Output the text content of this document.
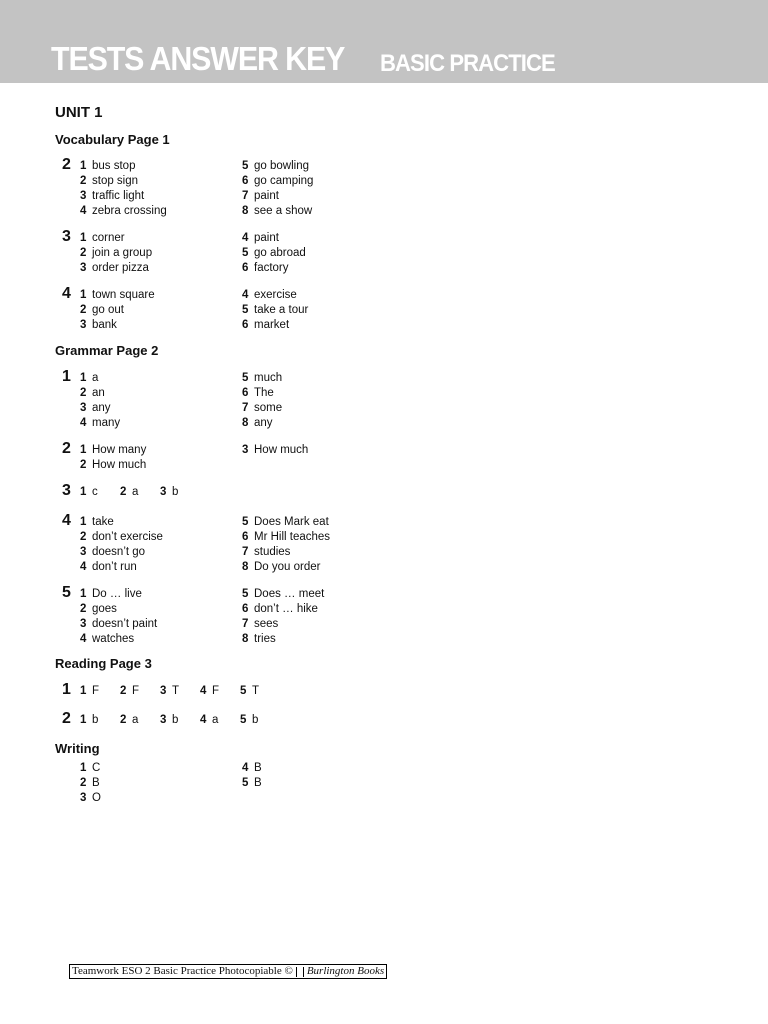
TESTS ANSWER KEY BASIC PRACTICE
UNIT 1
Vocabulary Page 1
2 1 bus stop
2 stop sign
3 traffic light
4 zebra crossing
5 go bowling
6 go camping
7 paint
8 see a show
3 1 corner
2 join a group
3 order pizza
4 paint
5 go abroad
6 factory
4 1 town square
2 go out
3 bank
4 exercise
5 take a tour
6 market
Grammar Page 2
1 1 a
2 an
3 any
4 many
5 much
6 The
7 some
8 any
2 1 How many
2 How much
3 How much
3 1 c 2 a 3 b
4 1 take
2 don’t exercise
3 doesn’t go
4 don’t run
5 Does Mark eat
6 Mr Hill teaches
7 studies
8 Do you order
5 1 Do … live
2 goes
3 doesn’t paint
4 watches
5 Does … meet
6 don’t … hike
7 sees
8 tries
Reading Page 3
1 1 F 2 F 3 T 4 F 5 T
2 1 b 2 a 3 b 4 a 5 b
Writing
1 C
2 B
3 O
4 B
5 B
Teamwork ESO 2 Basic Practice Photocopiable © Burlington Books
